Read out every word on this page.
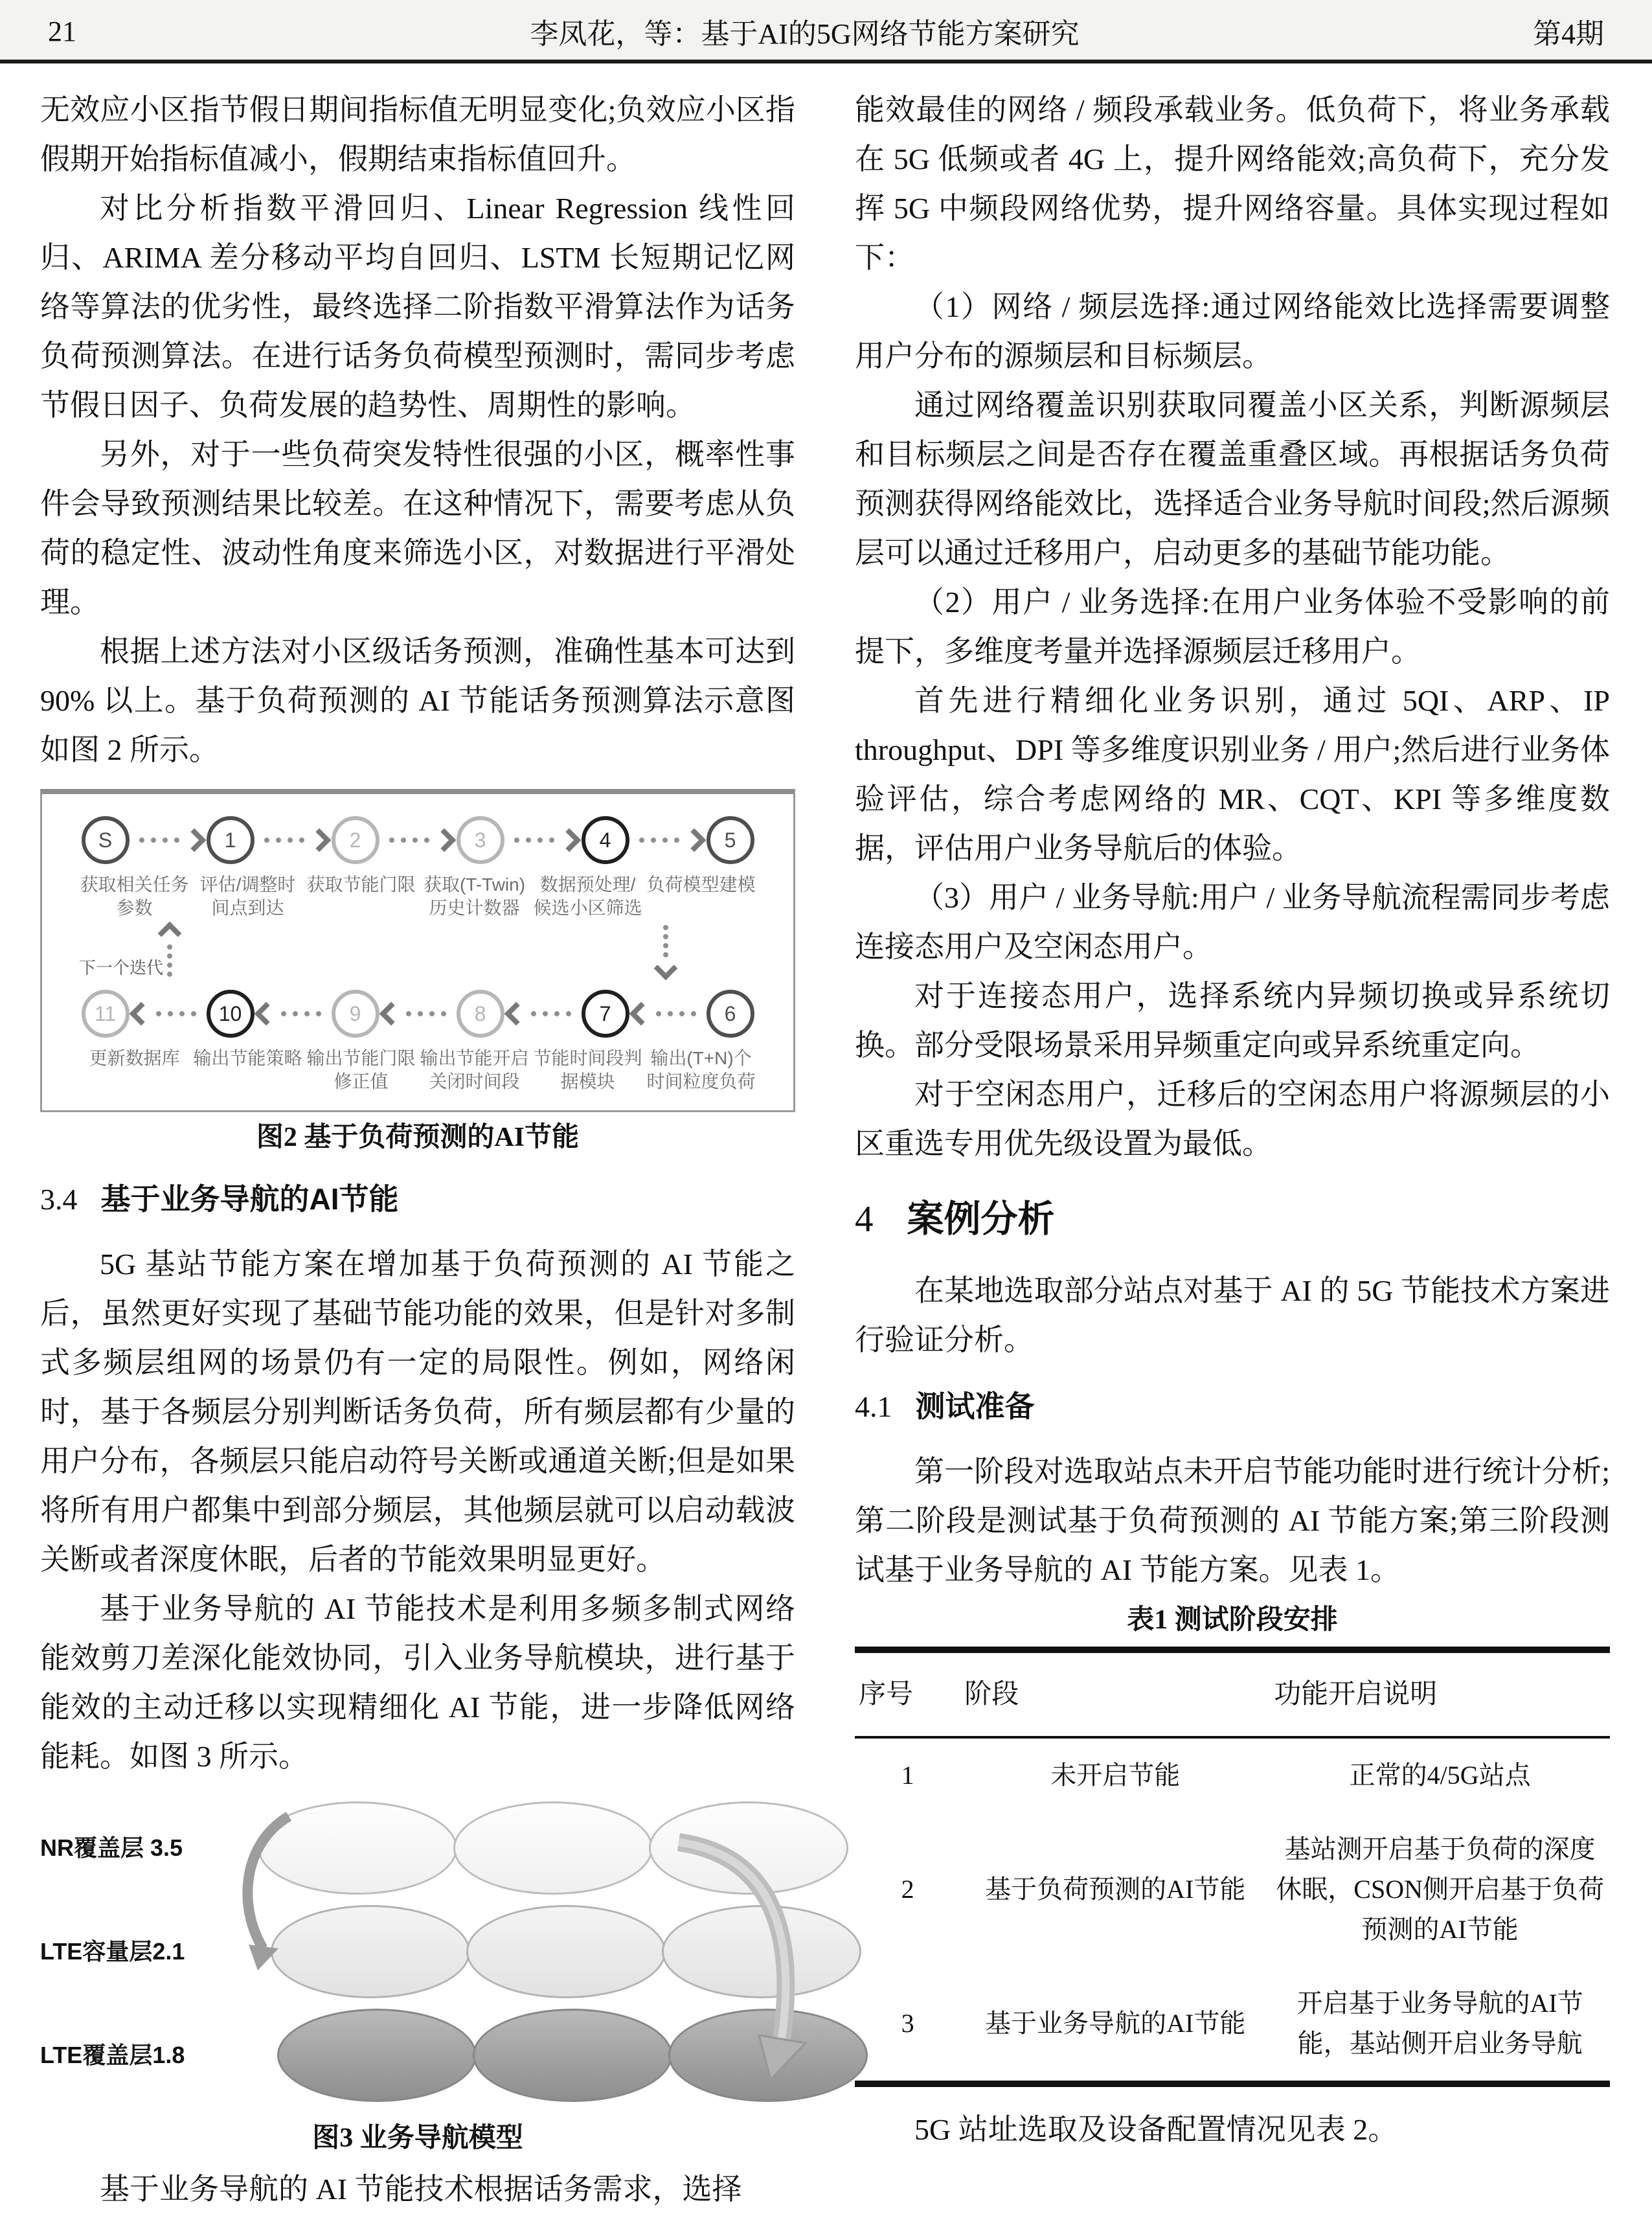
21	李凤花，等：基于AI的5G网络节能方案研究	第4期

无效应小区指节假日期间指标值无明显变化;负效应小区指假期开始指标值减小，假期结束指标值回升。

对比分析指数平滑回归、Linear Regression 线性回归、ARIMA 差分移动平均自回归、LSTM 长短期记忆网络等算法的优劣性，最终选择二阶指数平滑算法作为话务负荷预测算法。在进行话务负荷模型预测时，需同步考虑节假日因子、负荷发展的趋势性、周期性的影响。

另外，对于一些负荷突发特性很强的小区，概率性事件会导致预测结果比较差。在这种情况下，需要考虑从负荷的稳定性、波动性角度来筛选小区，对数据进行平滑处理。

根据上述方法对小区级话务预测，准确性基本可达到 90% 以上。基于负荷预测的 AI 节能话务预测算法示意图如图 2 所示。

S	1	2	3	4	5
获取相关任务参数
评估/调整时间点到达
获取节能门限 获取(T-Twin)历史计数器
数据预处理/候选小区筛选
负荷模型建模
下一个迭代
11	10	9	8	7	6
更新数据库 输出节能策略 输出节能门限修正值
输出节能开启关闭时间段
节能时间段判据模块
输出(T+N)个时间粒度负荷
图2 基于负荷预测的AI节能
3.4 基于业务导航的AI节能

5G 基站节能方案在增加基于负荷预测的 AI 节能之后，虽然更好实现了基础节能功能的效果，但是针对多制式多频层组网的场景仍有一定的局限性。例如，网络闲时，基于各频层分别判断话务负荷，所有频层都有少量的用户分布，各频层只能启动符号关断或通道关断;但是如果将所有用户都集中到部分频层，其他频层就可以启动载波关断或者深度休眠，后者的节能效果明显更好。

基于业务导航的 AI 节能技术是利用多频多制式网络能效剪刀差深化能效协同，引入业务导航模块，进行基于能效的主动迁移以实现精细化 AI 节能，进一步降低网络能耗。如图 3 所示。

NR覆盖层 3.5
LTE容量层2.1
LTE覆盖层1.8
图3 业务导航模型

基于业务导航的 AI 节能技术根据话务需求，选择

能效最佳的网络 / 频段承载业务。低负荷下，将业务承载在 5G 低频或者 4G 上，提升网络能效;高负荷下，充分发挥 5G 中频段网络优势，提升网络容量。具体实现过程如下：

（1）网络 / 频层选择:通过网络能效比选择需要调整用户分布的源频层和目标频层。

通过网络覆盖识别获取同覆盖小区关系，判断源频层和目标频层之间是否存在覆盖重叠区域。再根据话务负荷预测获得网络能效比，选择适合业务导航时间段;然后源频层可以通过迁移用户，启动更多的基础节能功能。

（2）用户 / 业务选择:在用户业务体验不受影响的前提下，多维度考量并选择源频层迁移用户。

首先进行精细化业务识别，通过 5QI、ARP、IP throughput、DPI 等多维度识别业务 / 用户;然后进行业务体验评估，综合考虑网络的 MR、CQT、KPI 等多维度数据，评估用户业务导航后的体验。

（3）用户 / 业务导航:用户 / 业务导航流程需同步考虑连接态用户及空闲态用户。

对于连接态用户，选择系统内异频切换或异系统切换。部分受限场景采用异频重定向或异系统重定向。

对于空闲态用户，迁移后的空闲态用户将源频层的小区重选专用优先级设置为最低。

4 案例分析

在某地选取部分站点对基于 AI 的 5G 节能技术方案进行验证分析。

4.1 测试准备

第一阶段对选取站点未开启节能功能时进行统计分析;第二阶段是测试基于负荷预测的 AI 节能方案;第三阶段测试基于业务导航的 AI 节能方案。见表 1。

表1 测试阶段安排
序号	阶段	功能开启说明
1	未开启节能	正常的4/5G站点
2	基于负荷预测的AI节能	基站测开启基于负荷的深度休眠，CSON侧开启基于负荷预测的AI节能
3	基于业务导航的AI节能	开启基于业务导航的AI节能，基站侧开启业务导航

5G 站址选取及设备配置情况见表 2。
